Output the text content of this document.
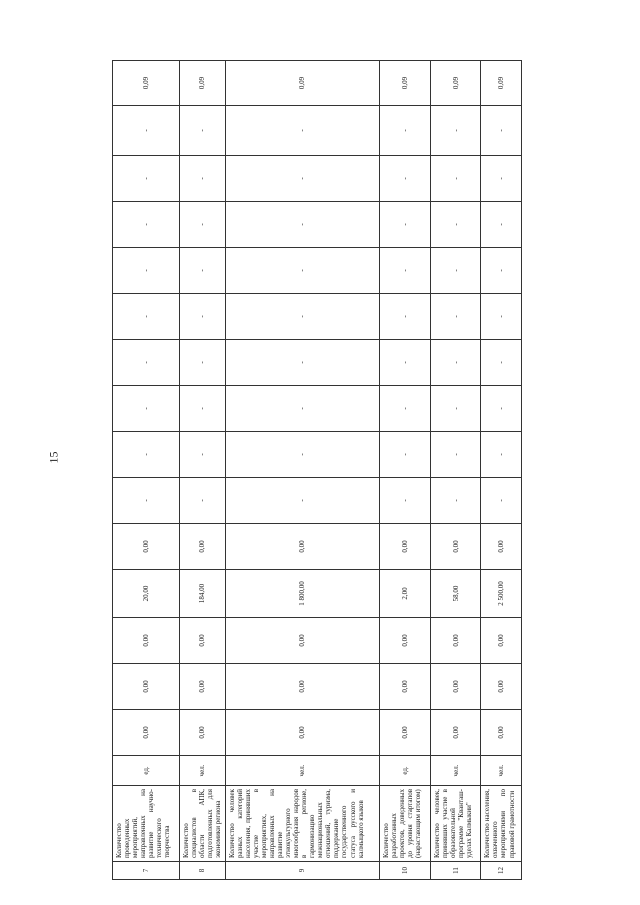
15
7	Количество проведенных мероприятий, направленных на развитие научно-технического творчества	ед.	0,00	0,00	0,00	20,00	0,00	-	-	-	-	-	-	-	-	-	0,09
8	Количество специалистов в области АПК, подготовленных для экономики региона	чел.	0,00	0,00	0,00	184,00	0,00	-	-	-	-	-	-	-	-	-	0,09
9	Количество человек разных категорий населения, принявших участие в мероприятиях, направленных на развитие этнокультурного многообразия народов в регионе, гармонизацию межнациональных отношений, туризма, поддержание государственного статуса русского и калмыцкого языков	чел.	0,00	0,00	0,00	1 800,00	0,00	-	-	-	-	-	-	-	-	-	0,09
10	Количество разработанных проектов, доведенных до уровня стартапов (нарастающим итогом)	ед.	0,00	0,00	0,00	2,00	0,00	-	-	-	-	-	-	-	-	-	0,09
11	Количество человек, принявших участие в образовательной программе "Кванташ-уделах Калмыкии"	чел.	0,00	0,00	0,00	58,00	0,00	-	-	-	-	-	-	-	-	-	0,09
12	Количество населения, охваченного мероприятиями по правовой грамотности	чел.	0,00	0,00	0,00	2 500,00	0,00	-	-	-	-	-	-	-	-	-	0,09
